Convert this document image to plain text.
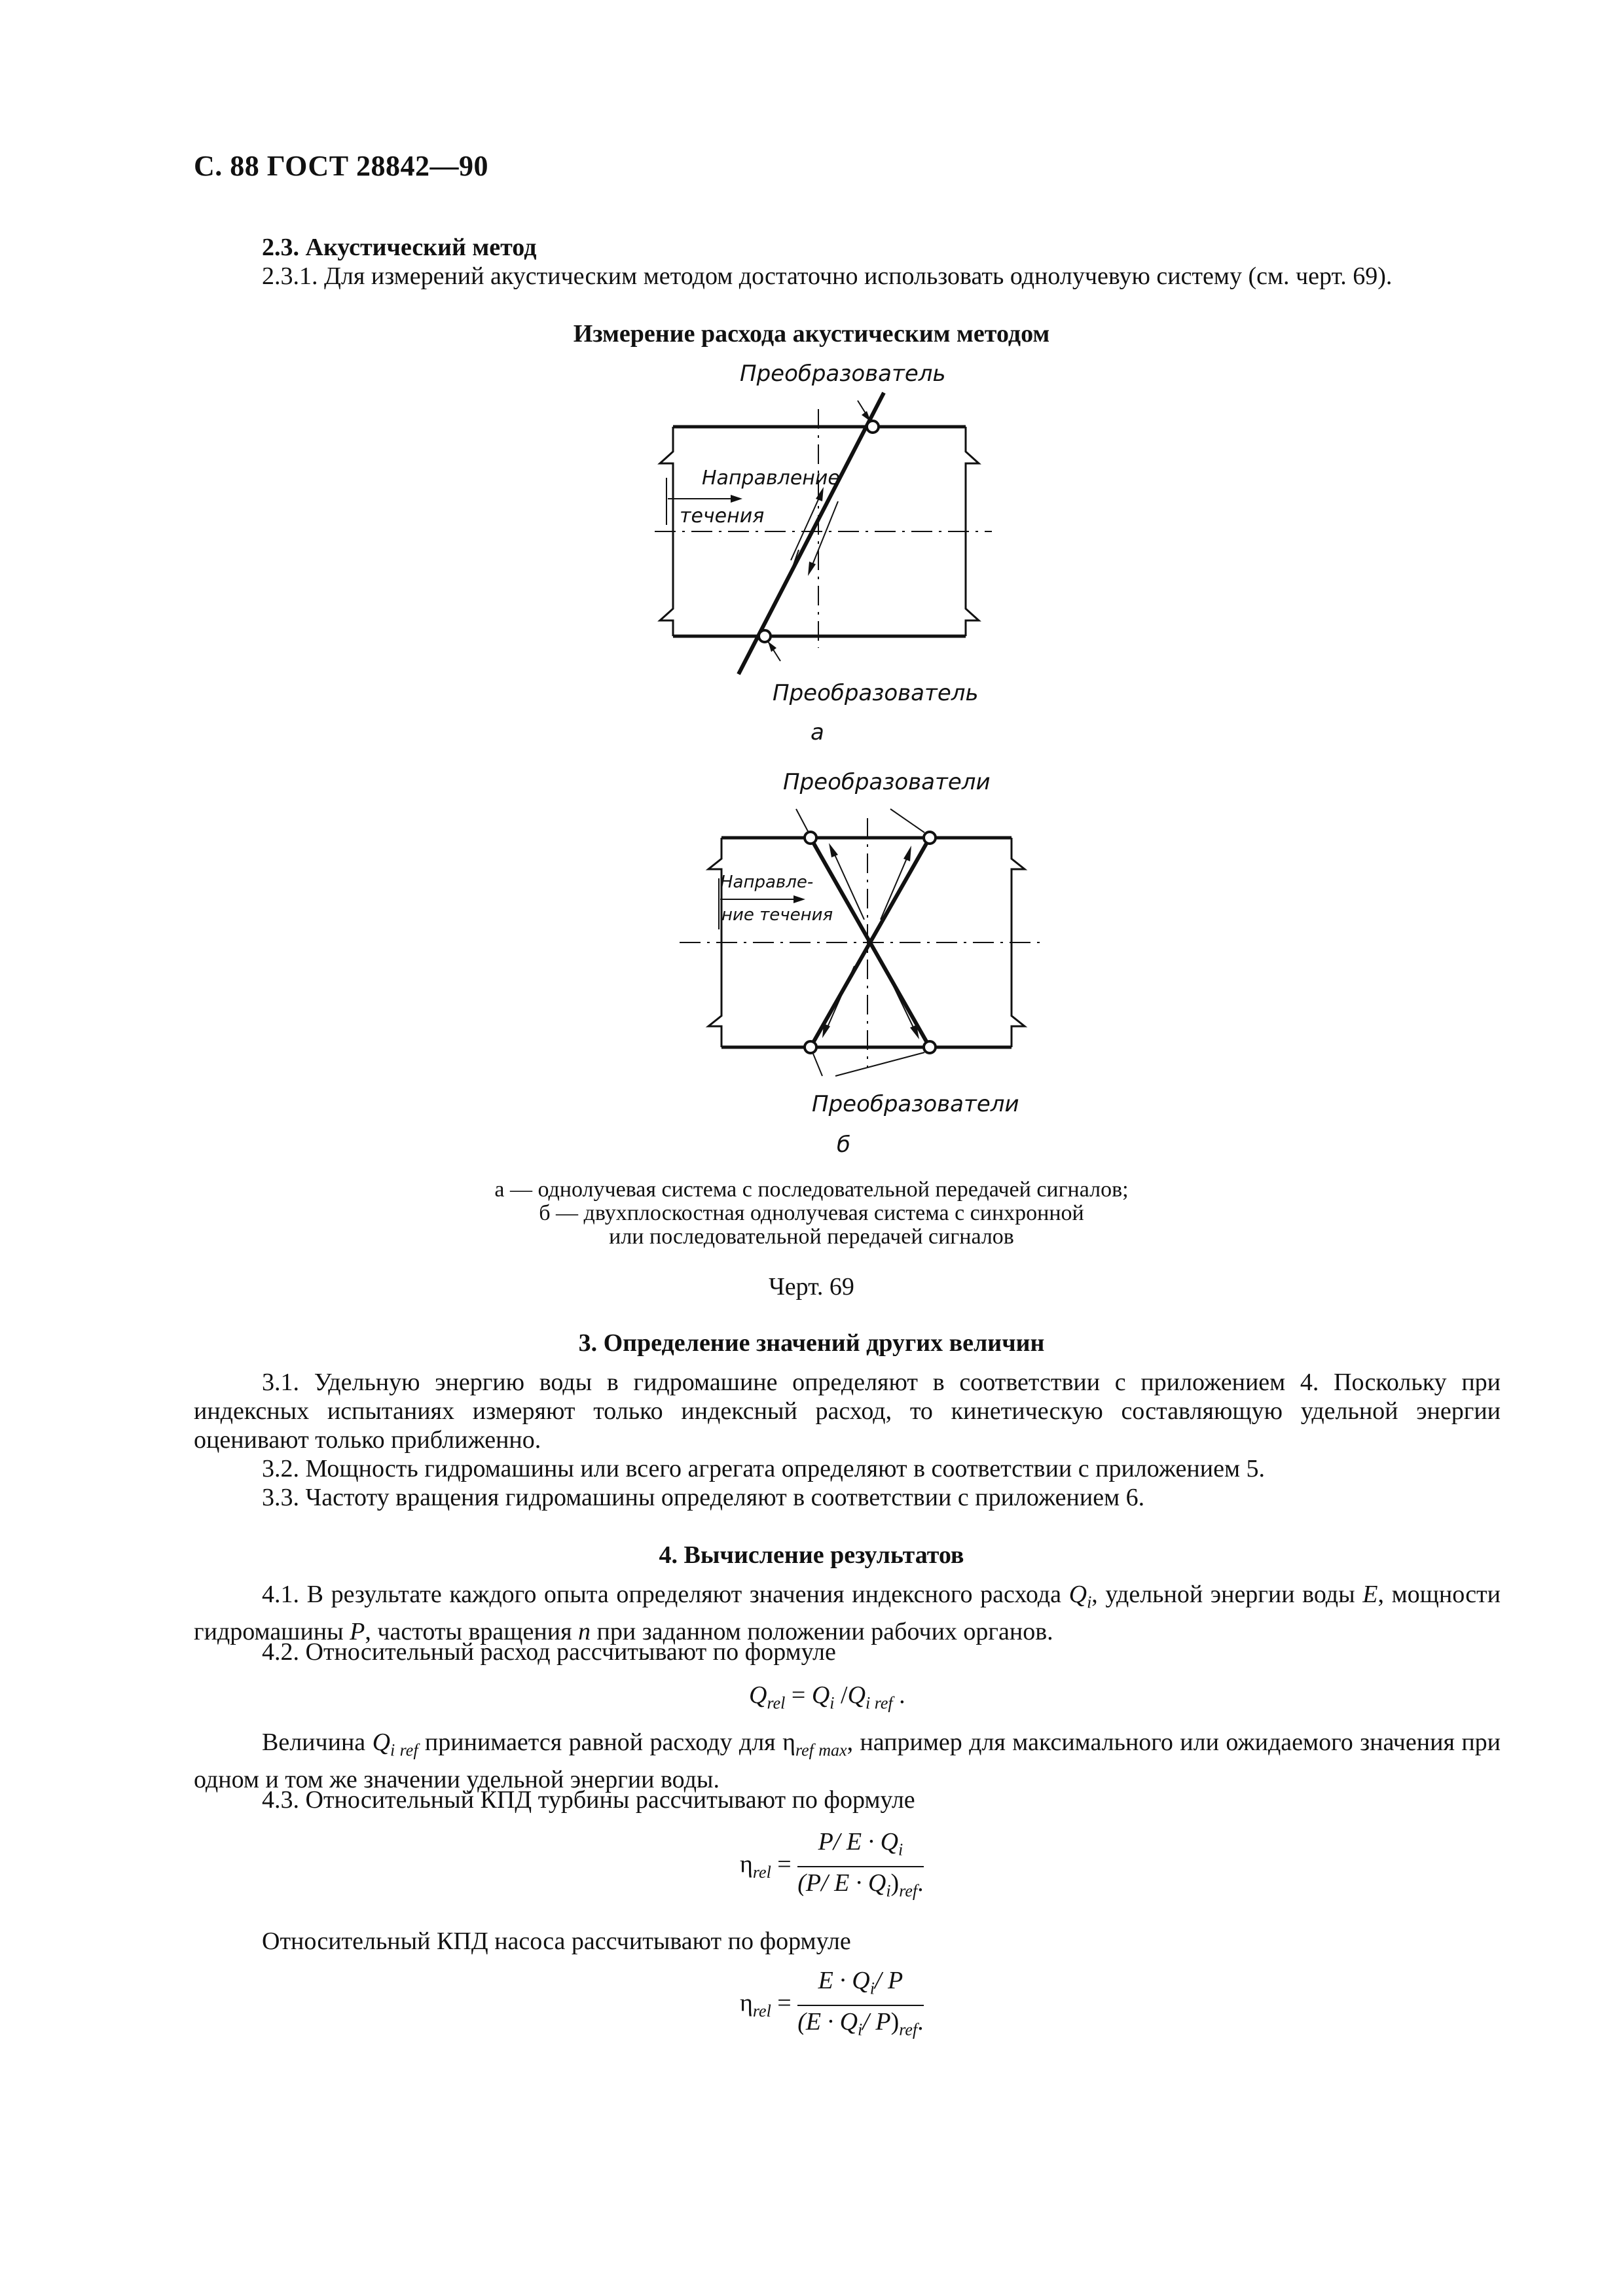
С. 88 ГОСТ 28842—90
2.3. Акустический метод
2.3.1. Для измерений акустическим методом достаточно использовать однолучевую систему (см. черт. 69).
Измерение расхода акустическим методом
Преобразователь
Направление
течения
Преобразователь
а
Преобразователи
Направле-
ние течения
Преобразователи
б
а — однолучевая система с последовательной передачей сигналов;
б — двухплоскостная однолучевая система с синхронной
или последовательной передачей сигналов
Черт. 69
3. Определение значений других величин
3.1. Удельную энергию воды в гидромашине определяют в соответствии с приложением 4. Поскольку при индексных испытаниях измеряют только индексный расход, то кинетическую составляющую удельной энергии оценивают только приближенно.
3.2. Мощность гидромашины или всего агрегата определяют в соответствии с приложением 5.
3.3. Частоту вращения гидромашины определяют в соответствии с приложением 6.
4. Вычисление результатов
4.1. В результате каждого опыта определяют значения индексного расхода $Q_i$, удельной энергии воды E, мощности гидромашины P, частоты вращения n при заданном положении рабочих органов.
4.2. Относительный расход рассчитывают по формуле
$Q_{rel} = Q_i$ $/Q_{i ref}$ .
Величина $Q_{i ref}$ принимается равной расходу для $\eta_{ref max}$, например для максимального или ожидаемого значения при одном и том же значении удельной энергии воды.
4.3. Относительный КПД турбины рассчитывают по формуле
$\eta_{rel} = \frac{P/ E \cdot Q_i}{(P/ E \cdot Q_i)_{ref}.}$
Относительный КПД насоса рассчитывают по формуле
$\eta_{rel} = \frac{E \cdot Q_i/ P}{(E \cdot Q_i/ P)_{ref}.}$
